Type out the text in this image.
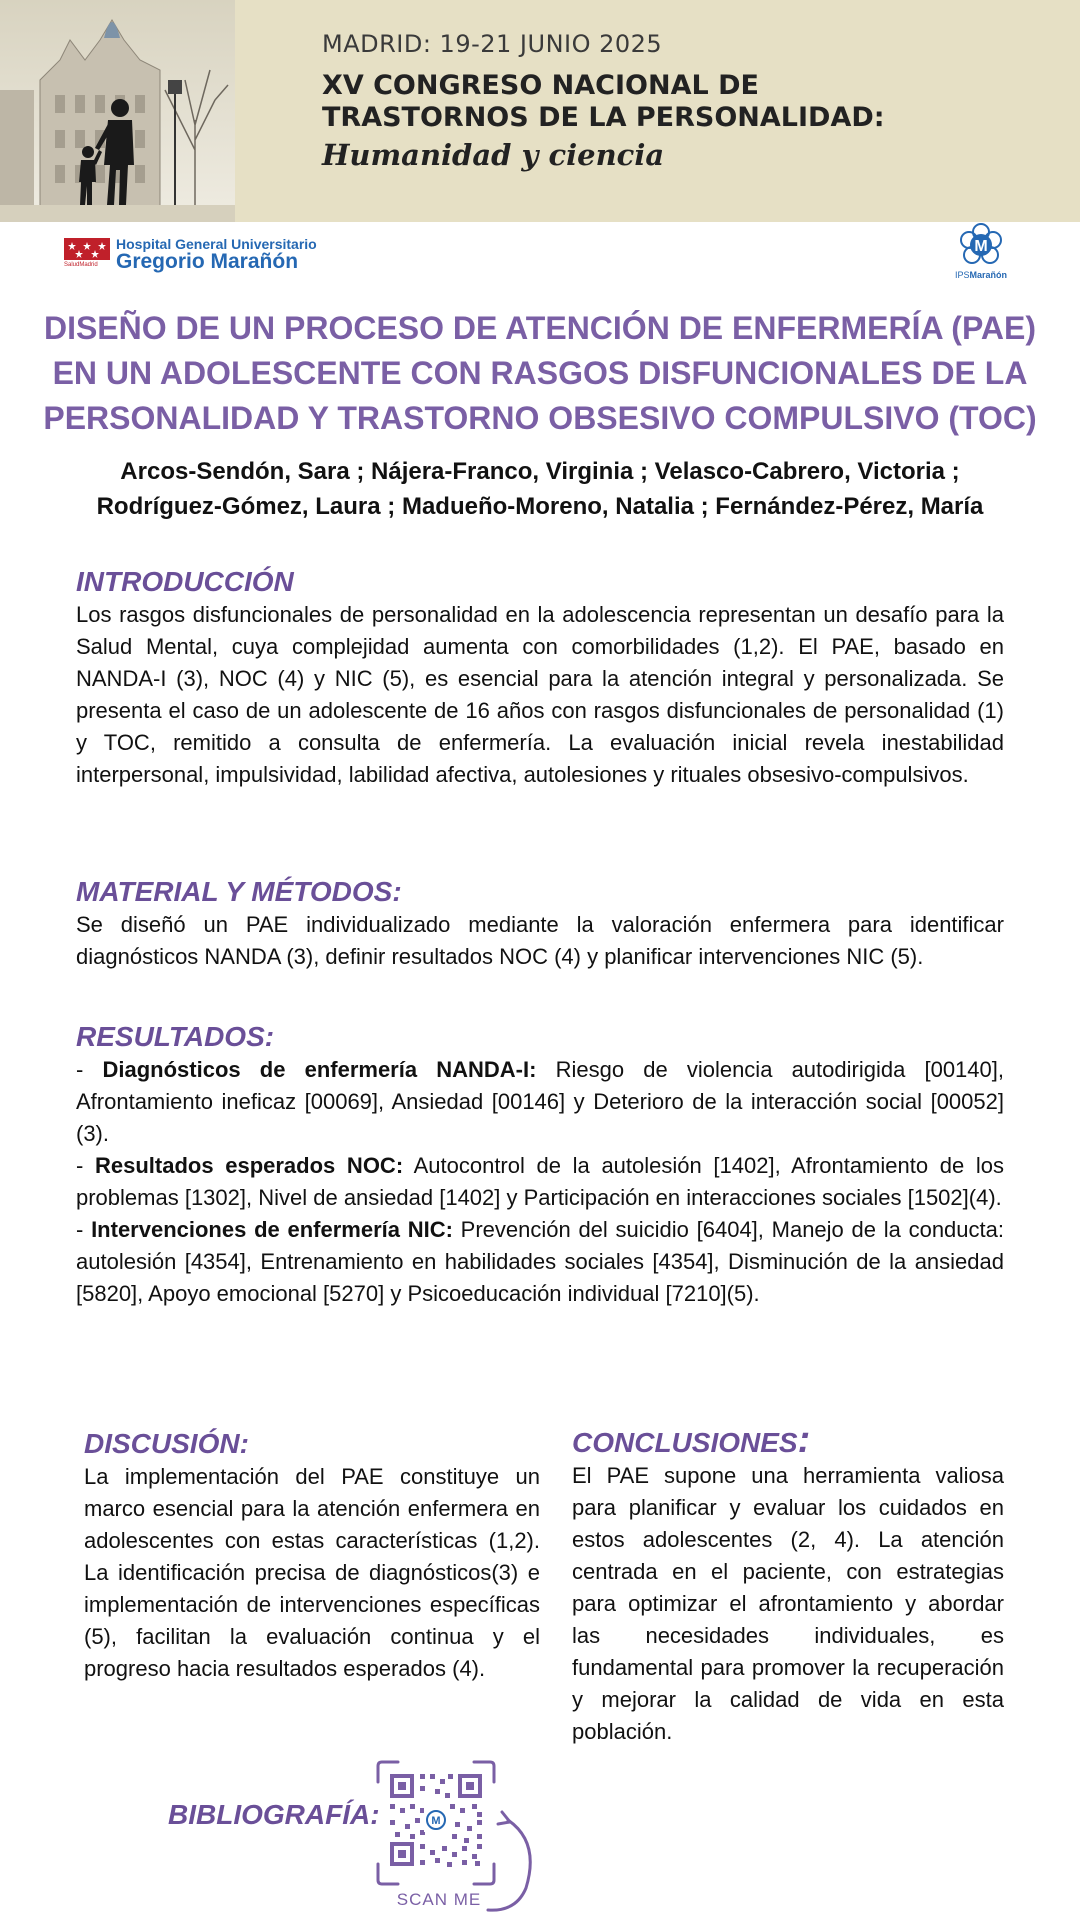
MADRID: 19-21 JUNIO 2025
XV CONGRESO NACIONAL DE
TRASTORNOS DE LA PERSONALIDAD:
Humanidad y ciencia
SaludMadrid
Hospital General Universitario
Gregorio Marañón
M
IPSMarañón
DISEÑO DE UN PROCESO DE ATENCIÓN DE ENFERMERÍA (PAE)
EN UN ADOLESCENTE CON RASGOS DISFUNCIONALES DE LA
PERSONALIDAD Y TRASTORNO OBSESIVO COMPULSIVO (TOC)
Arcos-Sendón, Sara ; Nájera-Franco, Virginia ; Velasco-Cabrero, Victoria ;
Rodríguez-Gómez, Laura ; Madueño-Moreno, Natalia ; Fernández-Pérez, María
INTRODUCCIÓN

Los rasgos disfuncionales de personalidad en la adolescencia representan un desafío para la Salud Mental, cuya complejidad aumenta con comorbilidades (1,2). El PAE, basado en NANDA-I (3), NOC (4) y NIC (5), es esencial para la atención integral y personalizada. Se presenta el caso de un adolescente de 16 años con rasgos disfuncionales de personalidad (1) y TOC, remitido a consulta de enfermería. La evaluación inicial revela inestabilidad interpersonal, impulsividad, labilidad afectiva, autolesiones y rituales obsesivo-compulsivos.

MATERIAL Y MÉTODOS:

Se diseñó un PAE individualizado mediante la valoración enfermera para identificar diagnósticos NANDA (3), definir resultados NOC (4) y planificar intervenciones NIC (5).

RESULTADOS:
- Diagnósticos de enfermería NANDA-I: Riesgo de violencia autodirigida [00140], Afrontamiento ineficaz [00069], Ansiedad [00146] y Deterioro de la interacción social [00052](3).
- Resultados esperados NOC: Autocontrol de la autolesión [1402], Afrontamiento de los problemas [1302], Nivel de ansiedad [1402] y Participación en interacciones sociales [1502](4).
- Intervenciones de enfermería NIC: Prevención del suicidio [6404], Manejo de la conducta: autolesión [4354], Entrenamiento en habilidades sociales [4354], Disminución de la ansiedad [5820], Apoyo emocional [5270] y Psicoeducación individual [7210](5).
DISCUSIÓN:

La implementación del PAE constituye un marco esencial para la atención enfermera en adolescentes con estas características (1,2). La identificación precisa de diagnósticos(3) e implementación de intervenciones específicas (5), facilitan la evaluación continua y el progreso hacia resultados esperados (4).

CONCLUSIONES:

El PAE supone una herramienta valiosa para planificar y evaluar los cuidados en estos adolescentes (2, 4). La atención centrada en el paciente, con estrategias para optimizar el afrontamiento y abordar las necesidades individuales, es fundamental para promover la recuperación y mejorar la calidad de vida en esta población.

BIBLIOGRAFÍA:	M
SCAN ME
